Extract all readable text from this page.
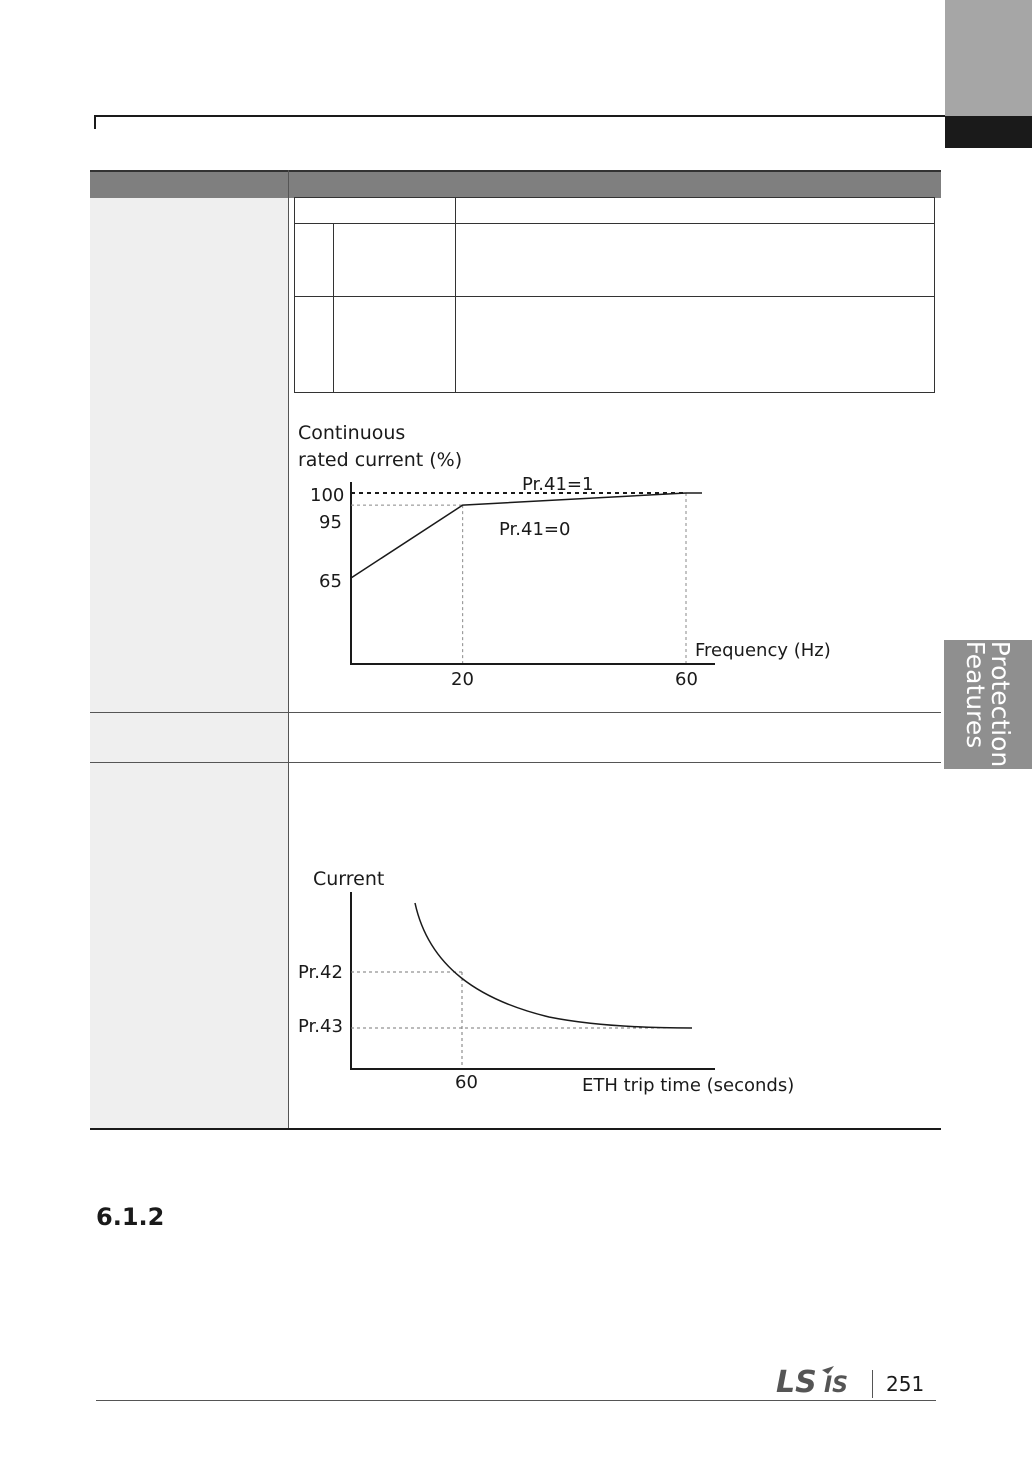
Protection
Features
Continuous
rated current (%)
100
95
65
20	60
Frequency (Hz)
Pr.41=1
Pr.41=0
Current
Pr.42
Pr.43
60	ETH trip time (seconds)
6.1.2
LS IS 251
